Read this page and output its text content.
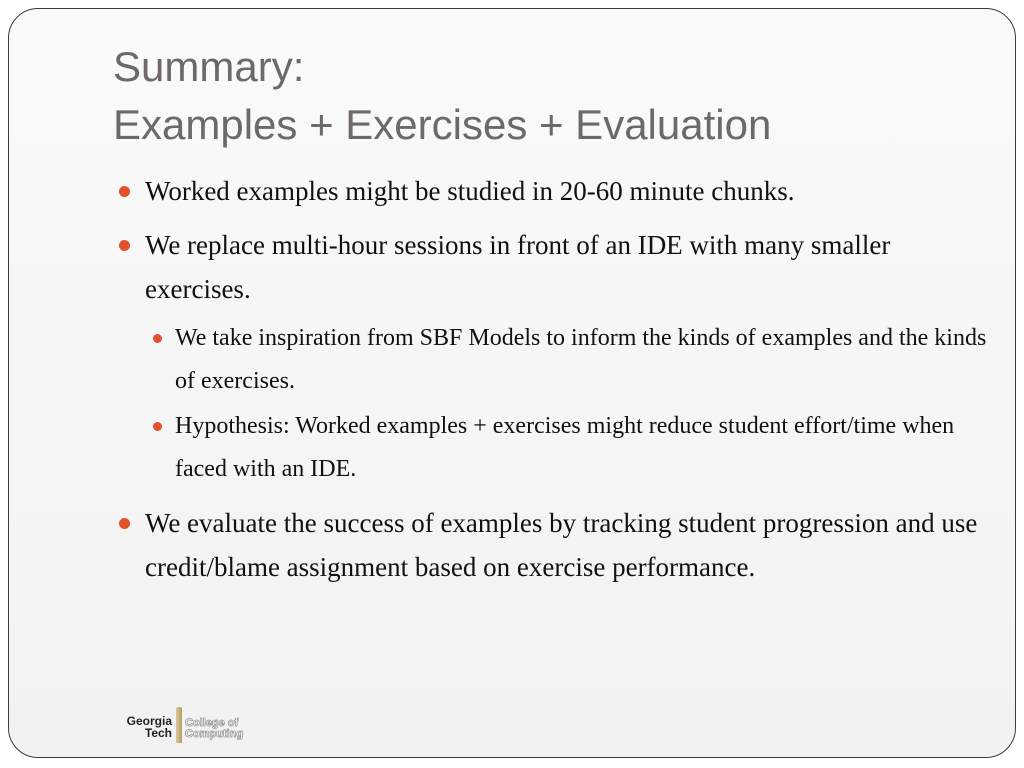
Summary:
Examples + Exercises + Evaluation
Worked examples might be studied in 20-60 minute chunks.
We replace multi-hour sessions in front of an IDE with many smaller exercises.
We take inspiration from SBF Models to inform the kinds of examples and the kinds of exercises.
Hypothesis: Worked examples + exercises might reduce student effort/time when faced with an IDE.
We evaluate the success of examples by tracking student progression and use credit/blame assignment based on exercise performance.
Georgia
Tech
College of
Computing
